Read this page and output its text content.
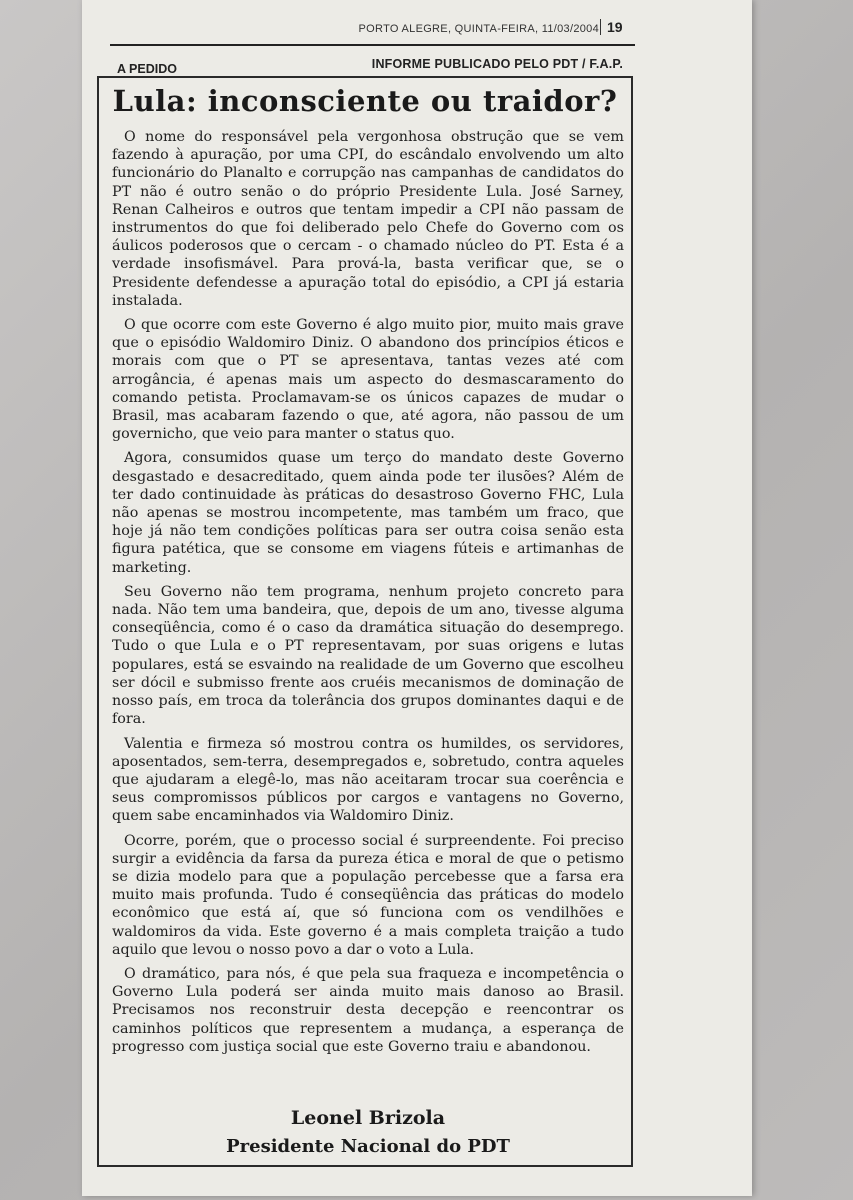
PORTO ALEGRE, QUINTA-FEIRA, 11/03/2004 19
A PEDIDO	INFORME PUBLICADO PELO PDT / F.A.P.
Lula: inconsciente ou traidor?

O nome do responsável pela vergonhosa obstrução que se vem fazendo à apuração, por uma CPI, do escândalo envolvendo um alto funcionário do Planalto e corrupção nas campanhas de candidatos do PT não é outro senão o do próprio Presidente Lula. José Sarney, Renan Calheiros e outros que tentam impedir a CPI não passam de instrumentos do que foi deliberado pelo Chefe do Governo com os áulicos poderosos que o cercam - o chamado núcleo do PT. Esta é a verdade insofismável. Para prová-la, basta verificar que, se o Presidente defendesse a apuração total do episódio, a CPI já estaria instalada.

O que ocorre com este Governo é algo muito pior, muito mais grave que o episódio Waldomiro Diniz. O abandono dos princípios éticos e morais com que o PT se apresentava, tantas vezes até com arrogância, é apenas mais um aspecto do desmascaramento do comando petista. Proclamavam-se os únicos capazes de mudar o Brasil, mas acabaram fazendo o que, até agora, não passou de um governicho, que veio para manter o status quo.

Agora, consumidos quase um terço do mandato deste Governo desgastado e desacreditado, quem ainda pode ter ilusões? Além de ter dado continuidade às práticas do desastroso Governo FHC, Lula não apenas se mostrou incompetente, mas também um fraco, que hoje já não tem condições políticas para ser outra coisa senão esta figura patética, que se consome em viagens fúteis e artimanhas de marketing.

Seu Governo não tem programa, nenhum projeto concreto para nada. Não tem uma bandeira, que, depois de um ano, tivesse alguma conseqüência, como é o caso da dramática situação do desemprego. Tudo o que Lula e o PT representavam, por suas origens e lutas populares, está se esvaindo na realidade de um Governo que escolheu ser dócil e submisso frente aos cruéis mecanismos de dominação de nosso país, em troca da tolerância dos grupos dominantes daqui e de fora.

Valentia e firmeza só mostrou contra os humildes, os servidores, aposentados, sem-terra, desempregados e, sobretudo, contra aqueles que ajudaram a elegê-lo, mas não aceitaram trocar sua coerência e seus compromissos públicos por cargos e vantagens no Governo, quem sabe encaminhados via Waldomiro Diniz.

Ocorre, porém, que o processo social é surpreendente. Foi preciso surgir a evidência da farsa da pureza ética e moral de que o petismo se dizia modelo para que a população percebesse que a farsa era muito mais profunda. Tudo é conseqüência das práticas do modelo econômico que está aí, que só funciona com os vendilhões e waldomiros da vida. Este governo é a mais completa traição a tudo aquilo que levou o nosso povo a dar o voto a Lula.

O dramático, para nós, é que pela sua fraqueza e incompetência o Governo Lula poderá ser ainda muito mais danoso ao Brasil. Precisamos nos reconstruir desta decepção e reencontrar os caminhos políticos que representem a mudança, a esperança de progresso com justiça social que este Governo traiu e abandonou.

Leonel Brizola
Presidente Nacional do PDT
